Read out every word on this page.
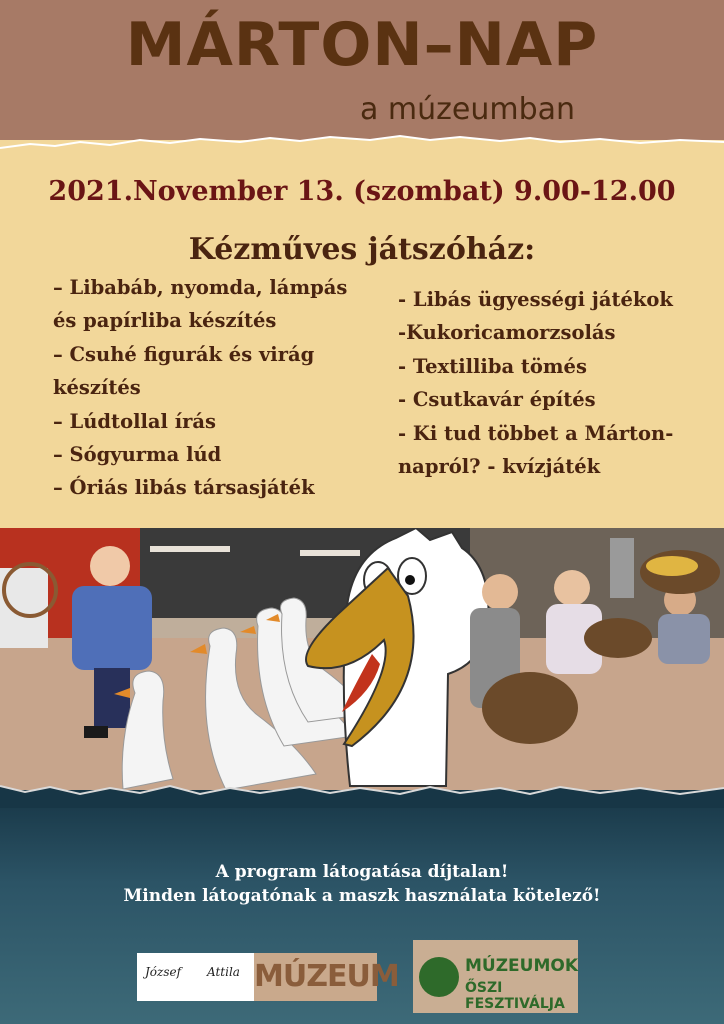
MÁRTON–NAP
a múzeumban
2021.November 13. (szombat) 9.00-12.00
Kézműves játszóház:
– Libabáb, nyomda, lámpás
és papírliba készítés
– Csuhé figurák és virág
készítés
– Lúdtollal írás
– Sógyurma lúd
– Óriás libás társasjáték
- Libás ügyességi játékok
-Kukoricamorzsolás
- Textilliba tömés
- Csutkavár építés
- Ki tud többet a Márton-
napról? - kvízjáték
A program látogatása díjtalan!
Minden látogatónak a maszk használata kötelező!
József Attila MÚZEUM	MÚZEUMOK
ŐSZI FESZTIVÁLJA
